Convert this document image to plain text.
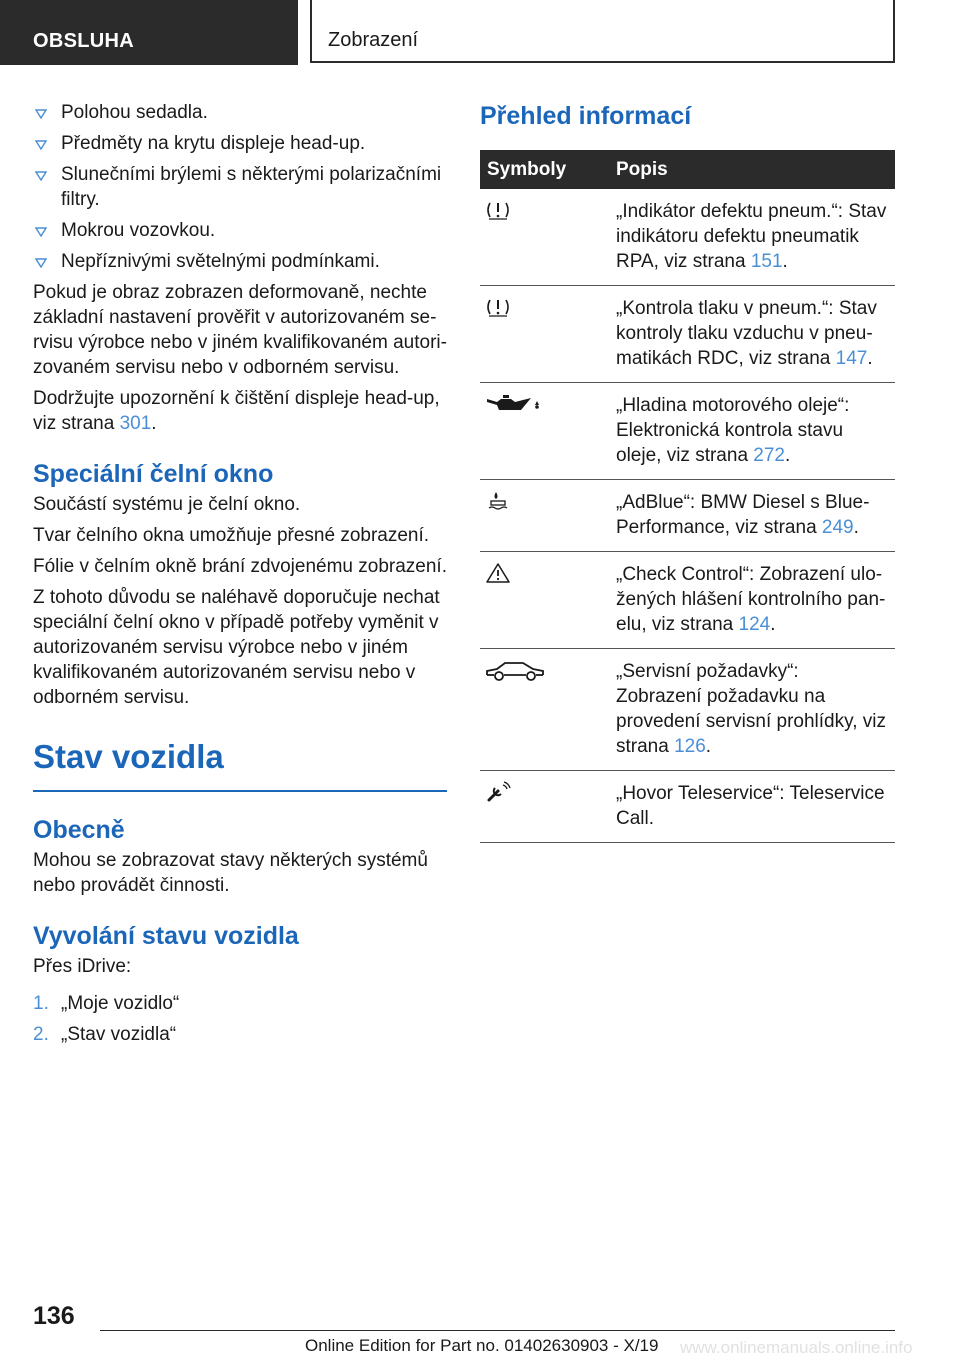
OBSLUHA	Zobrazení
Polohou sedadla.
Předměty na krytu displeje head-up.
Slunečními brýlemi s některými polarizačními filtry.
Mokrou vozovkou.
Nepříznivými světelnými podmínkami.

Pokud je obraz zobrazen deformovaně, nechte základní nastavení prověřit v autorizovaném servisu výrobce nebo v jiném kvalifikovaném autorizovaném servisu nebo v odborném servisu.

Dodržujte upozornění k čištění displeje head-up, viz strana 301.

Speciální čelní okno

Součástí systému je čelní okno.

Tvar čelního okna umožňuje přesné zobrazení.

Fólie v čelním okně brání zdvojenému zobrazení.

Z tohoto důvodu se naléhavě doporučuje nechat speciální čelní okno v případě potřeby vyměnit v autorizovaném servisu výrobce nebo v jiném kvalifikovaném autorizovaném servisu nebo v odborném servisu.

Stav vozidla
Obecně

Mohou se zobrazovat stavy některých systémů nebo provádět činnosti.

Vyvolání stavu vozidla

Přes iDrive:

1. „Moje vozidlo“
2. „Stav vozidla“
Přehled informací
Symboly	Popis

	„Indikátor defektu pneum.“: Stav indikátoru defektu pneumatik RPA, viz strana 151.

	„Kontrola tlaku v pneum.“: Stav kontroly tlaku vzduchu v pneumatikách RDC, viz strana 147.

	„Hladina motorového oleje“: Elektronická kontrola stavu oleje, viz strana 272.

	„AdBlue“: BMW Diesel s BluePerformance, viz strana 249.

	„Check Control“: Zobrazení uložených hlášení kontrolního panelu, viz strana 124.

	„Servisní požadavky“: Zobrazení požadavku na provedení servisní prohlídky, viz strana 126.

	„Hovor Teleservice“: Teleservice Call.
136
Online Edition for Part no. 01402630903 - X/19 www.onlinemanuals.online.info
